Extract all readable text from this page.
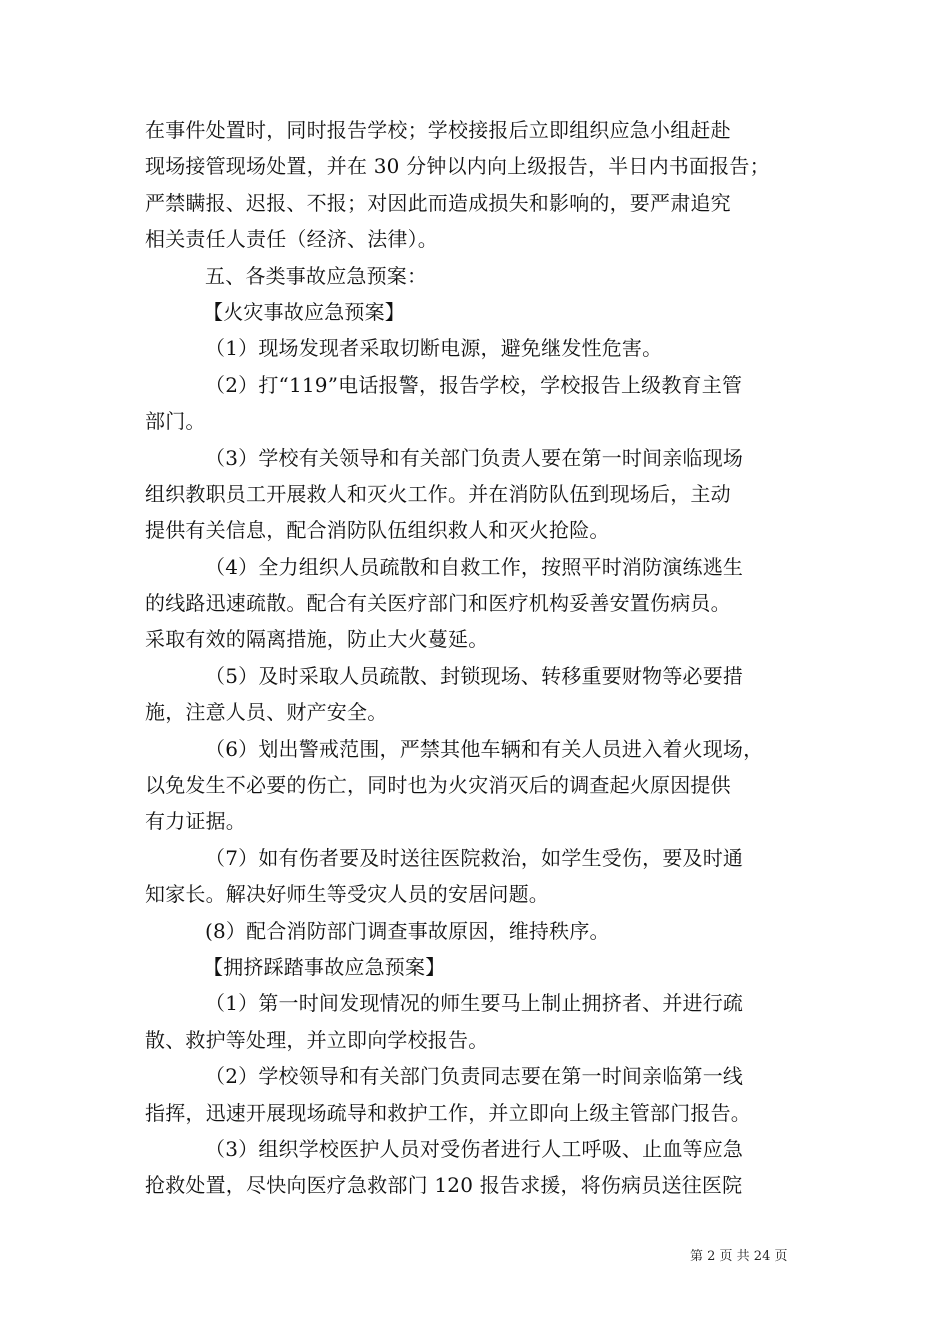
在事件处置时，同时报告学校；学校接报后立即组织应急小组赶赴
现场接管现场处置，并在 30 分钟以内向上级报告，半日内书面报告；
严禁瞒报、迟报、不报；对因此而造成损失和影响的，要严肃追究
相关责任人责任（经济、法律）。
五、各类事故应急预案：
【火灾事故应急预案】
（1）现场发现者采取切断电源，避免继发性危害。
（2）打“119”电话报警，报告学校，学校报告上级教育主管
部门。
（3）学校有关领导和有关部门负责人要在第一时间亲临现场
组织教职员工开展救人和灭火工作。并在消防队伍到现场后，主动
提供有关信息，配合消防队伍组织救人和灭火抢险。
（4）全力组织人员疏散和自救工作，按照平时消防演练逃生
的线路迅速疏散。配合有关医疗部门和医疗机构妥善安置伤病员。
采取有效的隔离措施，防止大火蔓延。
（5）及时采取人员疏散、封锁现场、转移重要财物等必要措
施，注意人员、财产安全。
（6）划出警戒范围，严禁其他车辆和有关人员进入着火现场，
以免发生不必要的伤亡，同时也为火灾消灭后的调查起火原因提供
有力证据。
（7）如有伤者要及时送往医院救治，如学生受伤，要及时通
知家长。解决好师生等受灾人员的安居问题。
(8）配合消防部门调查事故原因，维持秩序。
【拥挤踩踏事故应急预案】
（1）第一时间发现情况的师生要马上制止拥挤者、并进行疏
散、救护等处理，并立即向学校报告。
（2）学校领导和有关部门负责同志要在第一时间亲临第一线
指挥，迅速开展现场疏导和救护工作，并立即向上级主管部门报告。
（3）组织学校医护人员对受伤者进行人工呼吸、止血等应急
抢救处置，尽快向医疗急救部门 120 报告求援，将伤病员送往医院
第 2 页 共 24 页
